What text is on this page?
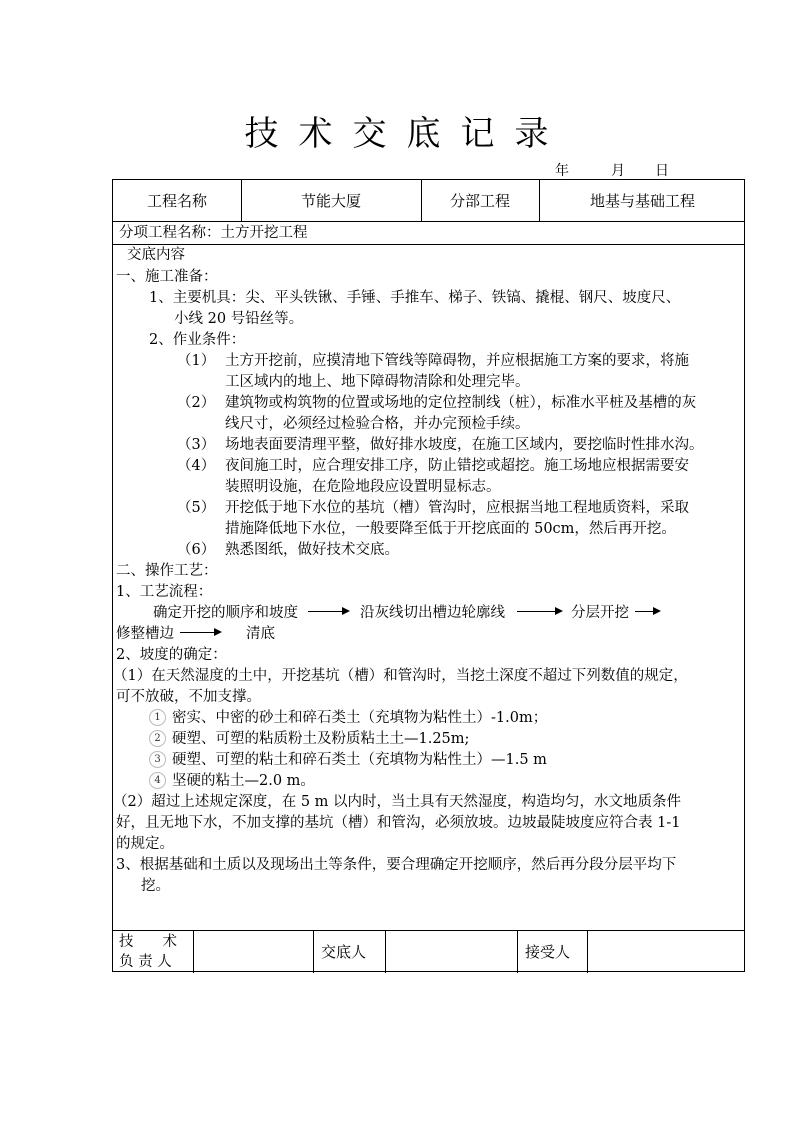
技术交底记录
年	月 日
工程名称	节能大厦	分部工程	地基与基础工程
分项工程名称：土方开挖工程
交底内容
一、施工准备：
1、主要机具：尖、平头铁锹、手锤、手推车、梯子、铁镐、撬棍、钢尺、坡度尺、
小线 20 号铅丝等。
2、作业条件：
（1） 土方开挖前，应摸清地下管线等障碍物，并应根据施工方案的要求，将施
工区域内的地上、地下障碍物清除和处理完毕。
（2） 建筑物或构筑物的位置或场地的定位控制线（桩），标准水平桩及基槽的灰
线尺寸，必须经过检验合格，并办完预检手续。
（3） 场地表面要清理平整，做好排水坡度，在施工区域内，要挖临时性排水沟。
（4） 夜间施工时，应合理安排工序，防止错挖或超挖。施工场地应根据需要安
装照明设施，在危险地段应设置明显标志。
（5） 开挖低于地下水位的基坑（槽）管沟时，应根据当地工程地质资料，采取
措施降低地下水位，一般要降至低于开挖底面的 50cm，然后再开挖。
（6） 熟悉图纸，做好技术交底。
二、操作工艺：
1、工艺流程：
确定开挖的顺序和坡度	沿灰线切出槽边轮廓线	分层开挖
修整槽边	清底
2、坡度的确定：
（1）在天然湿度的土中，开挖基坑（槽）和管沟时，当挖土深度不超过下列数值的规定，
可不放破，不加支撑。
1 密实、中密的砂土和碎石类土（充填物为粘性土）-1.0m；
2 硬塑、可塑的粘质粉土及粉质粘土土—1.25m;
3 硬塑、可塑的粘土和碎石类土（充填物为粘性土）—1.5 m
4 坚硬的粘土—2.0 m。
（2）超过上述规定深度，在 5 m 以内时，当土具有天然湿度，构造均匀，水文地质条件
好，且无地下水，不加支撑的基坑（槽）和管沟，必须放坡。边坡最陡坡度应符合表 1-1
的规定。
3、根据基础和土质以及现场出土等条件，要合理确定开挖顺序，然后再分段分层平均下
挖。
技　　术
负 责 人
交底人	接受人
